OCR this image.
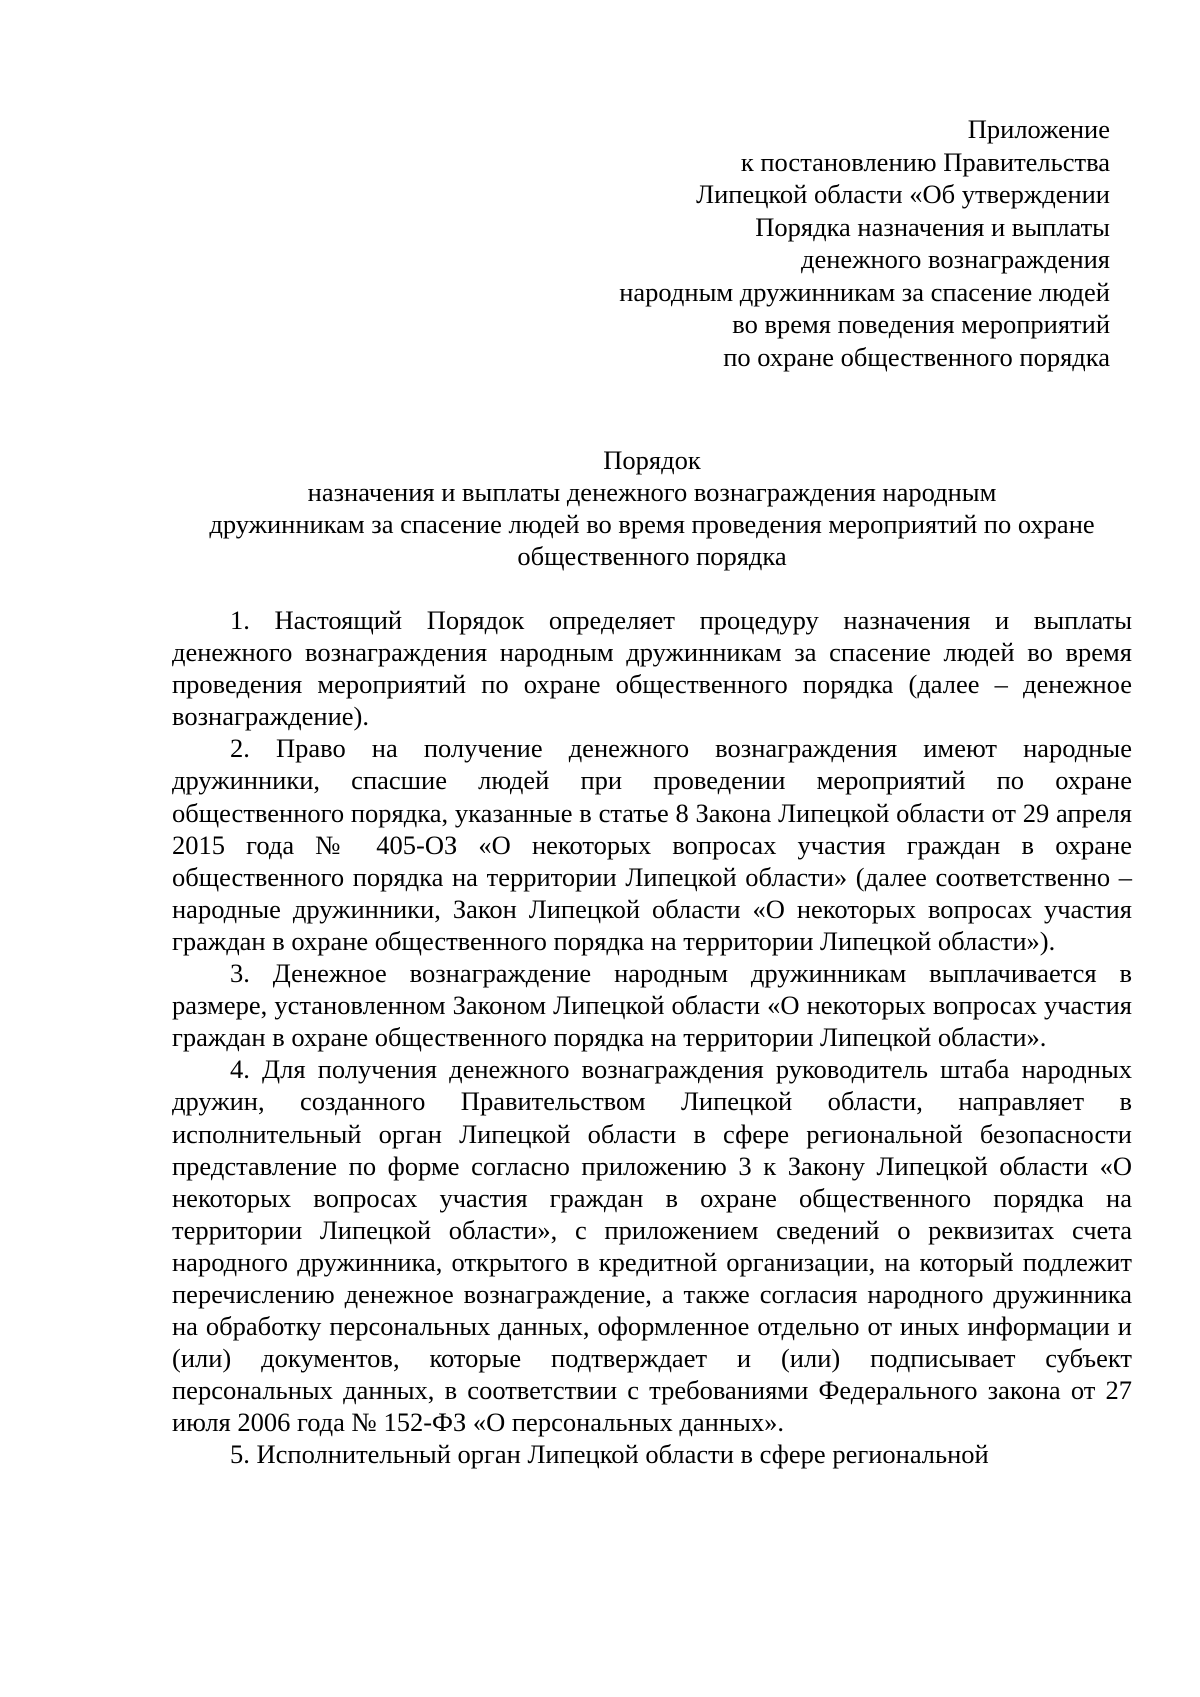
Приложение
к постановлению Правительства
Липецкой области «Об утверждении
Порядка назначения и выплаты
денежного вознаграждения
народным дружинникам за спасение людей
во время поведения мероприятий
по охране общественного порядка
Порядок
назначения и выплаты денежного вознаграждения народным
дружинникам за спасение людей во время проведения мероприятий по охране
общественного порядка

1. Настоящий Порядок определяет процедуру назначения и выплаты денежного вознаграждения народным дружинникам за спасение людей во время проведения мероприятий по охране общественного порядка (далее – денежное вознаграждение).

2. Право на получение денежного вознаграждения имеют народные дружинники, спасшие людей при проведении мероприятий по охране общественного порядка, указанные в статье 8 Закона Липецкой области от 29 апреля 2015 года № 405-ОЗ «О некоторых вопросах участия граждан в охране общественного порядка на территории Липецкой области» (далее соответственно – народные дружинники, Закон Липецкой области «О некоторых вопросах участия граждан в охране общественного порядка на территории Липецкой области»).

3. Денежное вознаграждение народным дружинникам выплачивается в размере, установленном Законом Липецкой области «О некоторых вопросах участия граждан в охране общественного порядка на территории Липецкой области».

4. Для получения денежного вознаграждения руководитель штаба народных дружин, созданного Правительством Липецкой области, направляет в исполнительный орган Липецкой области в сфере региональной безопасности представление по форме согласно приложению 3 к Закону Липецкой области «О некоторых вопросах участия граждан в охране общественного порядка на территории Липецкой области», с приложением сведений о реквизитах счета народного дружинника, открытого в кредитной организации, на который подлежит перечислению денежное вознаграждение, а также согласия народного дружинника на обработку персональных данных, оформленное отдельно от иных информации и (или) документов, которые подтверждает и (или) подписывает субъект персональных данных, в соответствии с требованиями Федерального закона от 27 июля 2006 года № 152-ФЗ «О персональных данных».

5. Исполнительный орган Липецкой области в сфере региональной
